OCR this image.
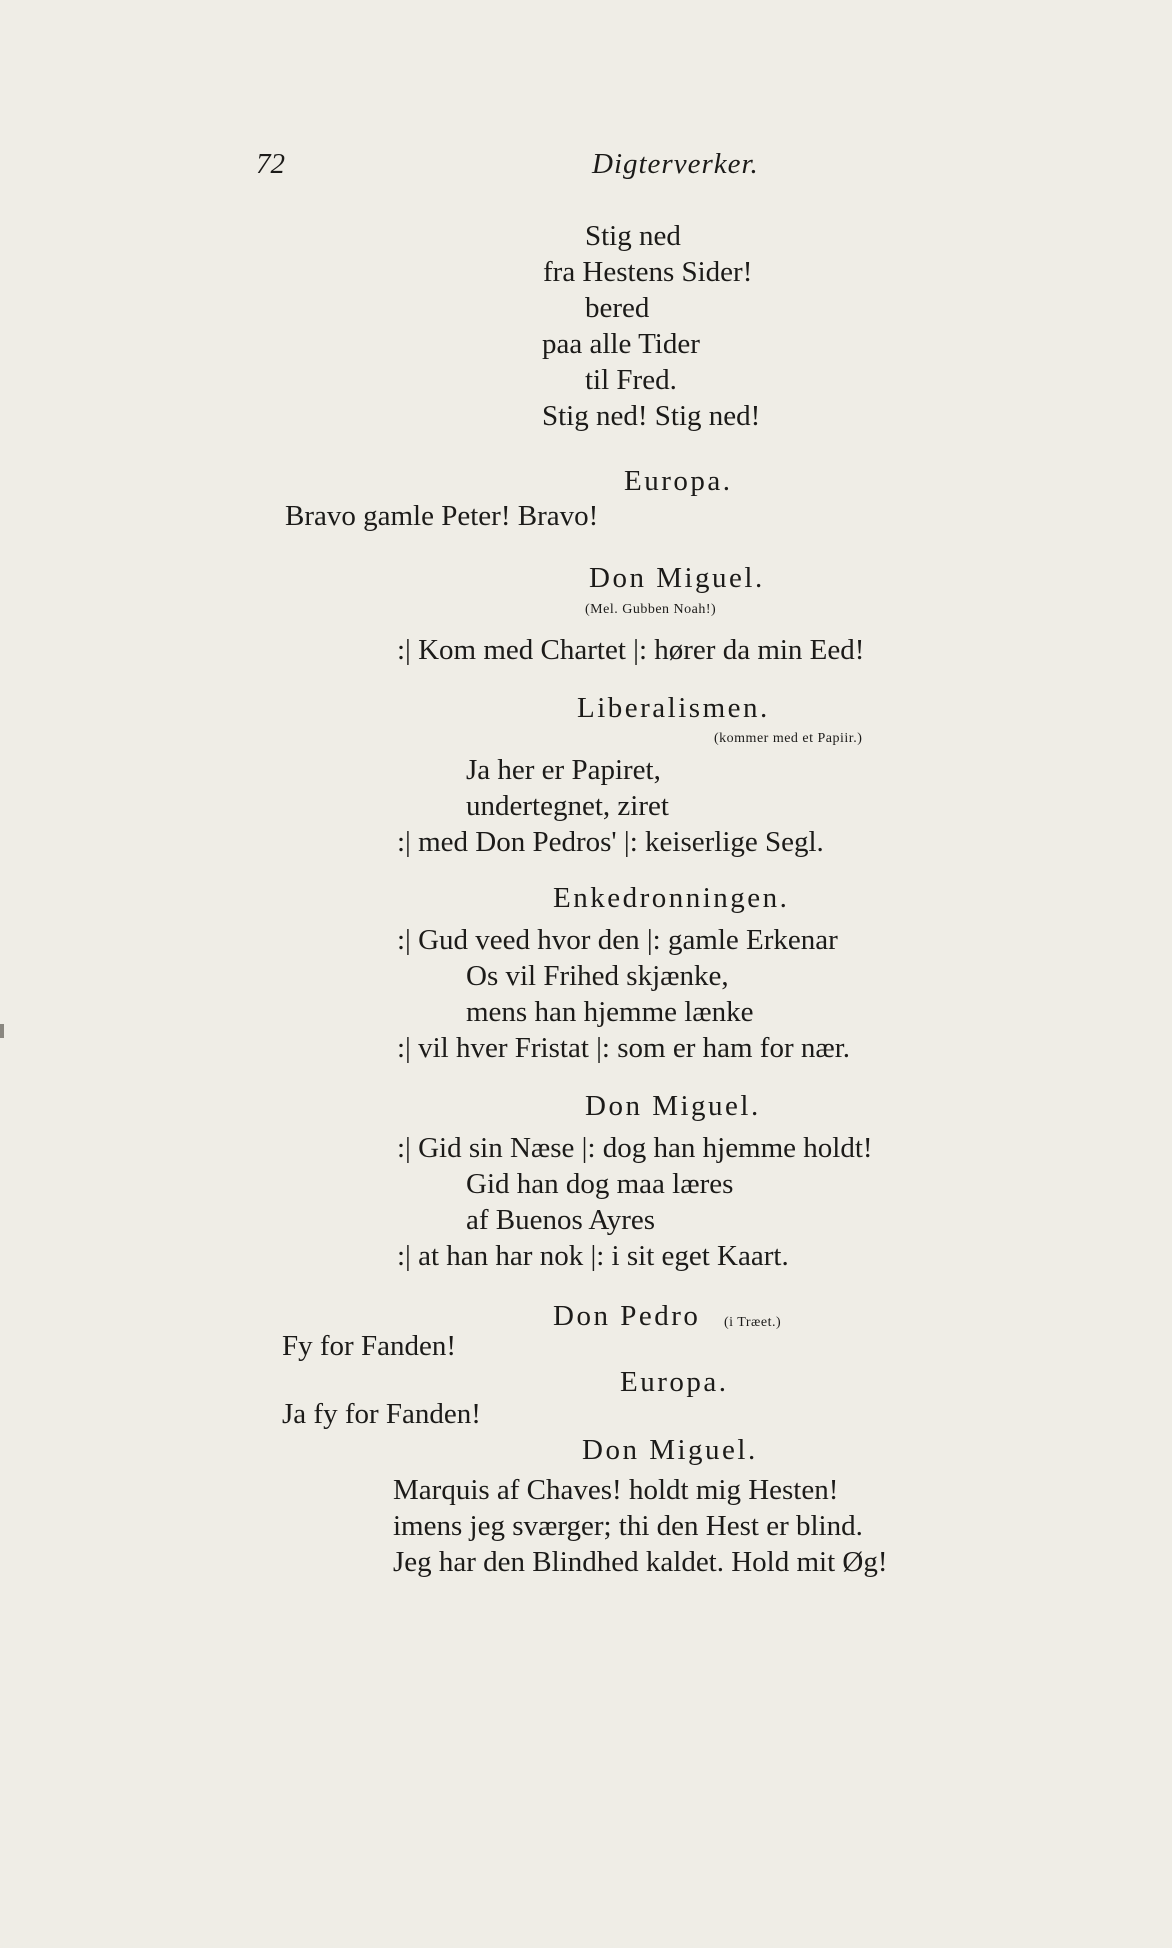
72	Digterverker.
Stig ned
fra Hestens Sider!
bered
paa alle Tider
til Fred.
Stig ned! Stig ned!
Europa.
Bravo gamle Peter! Bravo!
Don Miguel.
(Mel. Gubben Noah!)
:| Kom med Chartet |: hører da min Eed!
Liberalismen.
(kommer med et Papiir.)
Ja her er Papiret,
undertegnet, ziret
:| med Don Pedros' |: keiserlige Segl.
Enkedronningen.
:| Gud veed hvor den |: gamle Erkenar
Os vil Frihed skjænke,
mens han hjemme lænke
:| vil hver Fristat |: som er ham for nær.
Don Miguel.
:| Gid sin Næse |: dog han hjemme holdt!
Gid han dog maa læres
af Buenos Ayres
:| at han har nok |: i sit eget Kaart.
Don Pedro (i Træet.)
Fy for Fanden!
Europa.
Ja fy for Fanden!
Don Miguel.
Marquis af Chaves! holdt mig Hesten!
imens jeg sværger; thi den Hest er blind.
Jeg har den Blindhed kaldet. Hold mit Øg!
